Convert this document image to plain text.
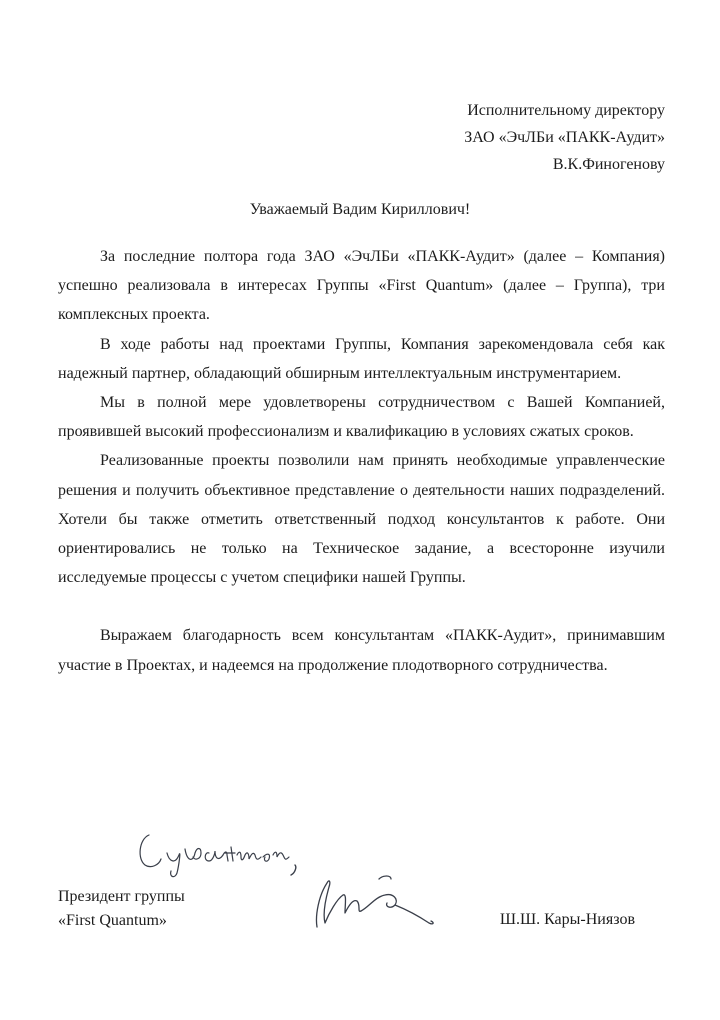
Исполнительному директору
ЗАО «ЭчЛБи «ПАКК-Аудит»
В.К.Финогенову
Уважаемый Вадим Кириллович!

За последние полтора года ЗАО «ЭчЛБи «ПАКК-Аудит» (далее – Компания) успешно реализовала в интересах Группы «First Quantum» (далее – Группа), три комплексных проекта.

В ходе работы над проектами Группы, Компания зарекомендовала себя как надежный партнер, обладающий обширным интеллектуальным инструментарием.

Мы в полной мере удовлетворены сотрудничеством с Вашей Компанией, проявившей высокий профессионализм и квалификацию в условиях сжатых сроков.

Реализованные проекты позволили нам принять необходимые управленческие решения и получить объективное представление о деятельности наших подразделений. Хотели бы также отметить ответственный подход консультантов к работе. Они ориентировались не только на Техническое задание, а всесторонне изучили исследуемые процессы с учетом специфики нашей Группы.

Выражаем благодарность всем консультантам «ПАКК-Аудит», принимавшим участие в Проектах, и надеемся на продолжение плодотворного сотрудничества.

Президент группы
«First Quantum»	Ш.Ш. Кары-Ниязов
